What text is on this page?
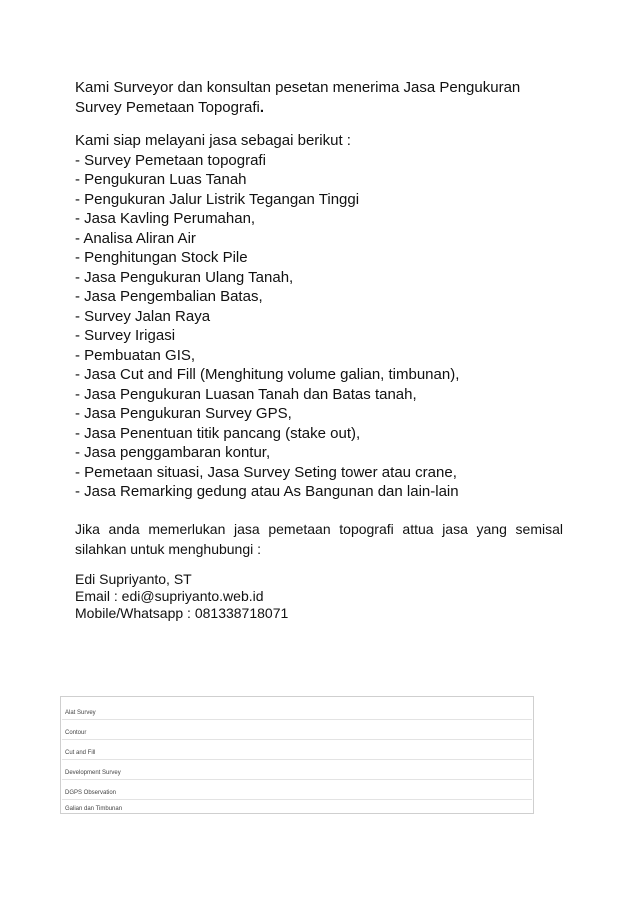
Kami Surveyor dan konsultan pesetan menerima Jasa Pengukuran

Survey Pemetaan Topografi.

Kami siap melayani jasa sebagai berikut :

- Survey Pemetaan topografi
- Pengukuran Luas Tanah
- Pengukuran Jalur Listrik Tegangan Tinggi
- Jasa Kavling Perumahan,
- Analisa Aliran Air
- Penghitungan Stock Pile
- Jasa Pengukuran Ulang Tanah,
- Jasa Pengembalian Batas,
- Survey Jalan Raya
- Survey Irigasi
- Pembuatan GIS,
- Jasa Cut and Fill (Menghitung volume galian, timbunan),
- Jasa Pengukuran Luasan Tanah dan Batas tanah,
- Jasa Pengukuran Survey GPS,
- Jasa Penentuan titik pancang (stake out),
- Jasa penggambaran kontur,
- Pemetaan situasi, Jasa Survey Seting tower atau crane,
- Jasa Remarking gedung atau As Bangunan dan lain-lain

Jika anda memerlukan jasa pemetaan topografi attua jasa yang semisal silahkan untuk menghubungi :

Edi Supriyanto, ST
Email : edi@supriyanto.web.id
Mobile/Whatsapp : 081338718071
Alat Survey
Contour
Cut and Fill
Development Survey
DGPS Observation
Galian dan Timbunan
